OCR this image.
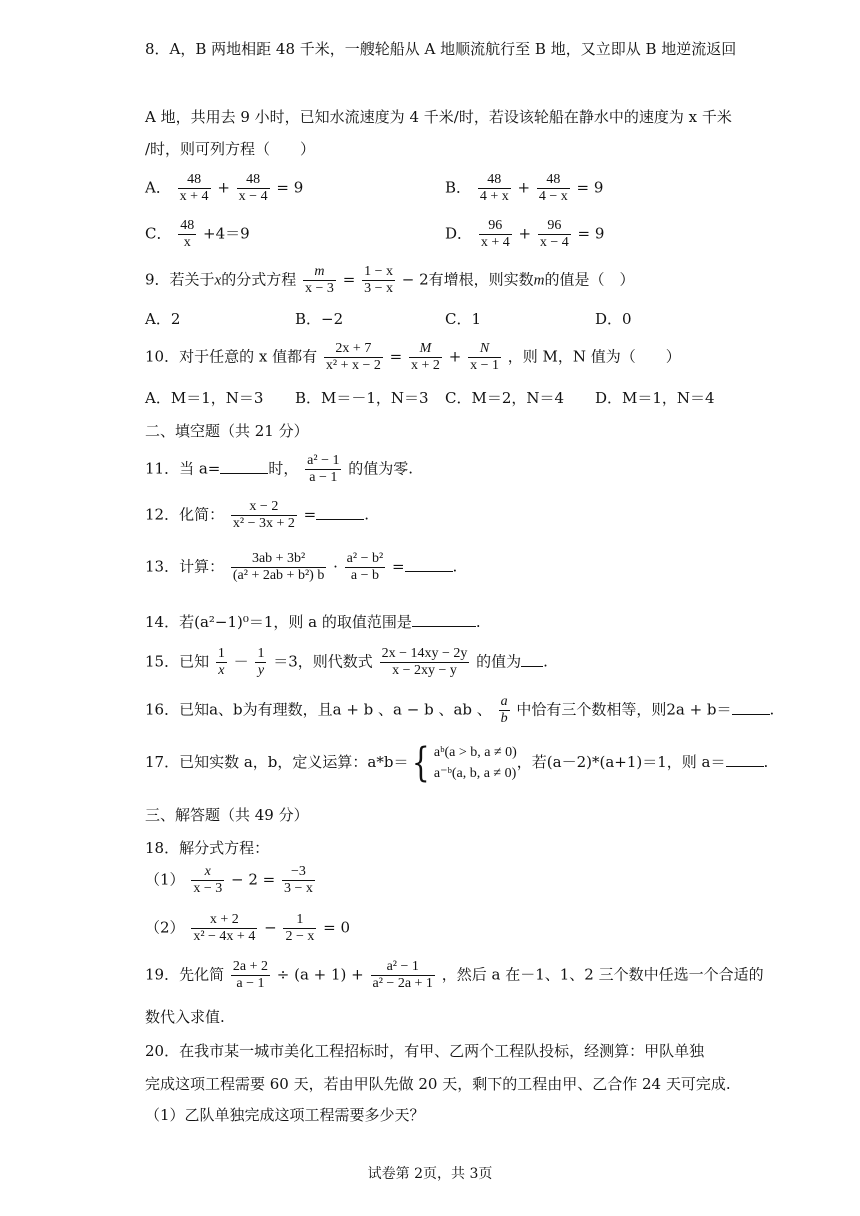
8．A，B 两地相距 48 千米，一艘轮船从 A 地顺流航行至 B 地，又立即从 B 地逆流返回
A 地，共用去 9 小时，已知水流速度为 4 千米/时，若设该轮船在静水中的速度为 x 千米
/时，则可列方程（　　）
A． $\frac{48}{x + 4} + \frac{48}{x - 4} = 9$	B． $\frac{48}{4 + x} + \frac{48}{4 - x} = 9$
C． $\frac{48}{x} +4=9$	D． $\frac{96}{x + 4} + \frac{96}{x - 4} = 9$
9．若关于x的分式方程 $\frac{m}{x - 3} = \frac{1 - x}{3 - x} - 2$有增根，则实数m的值是（　）
A．2	B．−2	C．1	D．0
10．对于任意的 x 值都有 $\frac{2x + 7}{\text{x² + x − 2}} = \frac{M}{x + 2} + \frac{N}{x - 1}$ ，则 M，N 值为（　　）
A．M＝1，N＝3 B．M＝－1，N＝3 C．M＝2，N＝4 D．M＝1，N＝4
二、填空题（共 21 分）
11．当 a=	时， $\frac{\text{a² − 1}}{a - 1}$ 的值为零.
12．化简： $\frac{x - 2}{\text{x² − 3x + 2}}$ =	.
13．计算： $\frac{\text{3ab + 3b²}}{\text{(a² + 2ab + b²) b}} \cdot \frac{\text{a² − b²}}{a - b}$ =	.
14．若(a²−1)⁰＝1，则 a 的取值范围是	.
15．已知 $\frac{1}{x} - \frac{1}{y} =3$，则代数式 $\frac{2x - 14xy - 2y}{x - 2xy - y}$ 的值为 .
16．已知a、b为有理数，且a + b 、a − b 、ab 、 $\frac{a}{b}$ 中恰有三个数相等，则2a + b＝	.
17．已知实数 a，b，定义运算：a*b＝{ aᵇ(a > b, a ≠ 0)
a⁻ᵇ(a, b, a ≠ 0)
，若(a－2)*(a+1)＝1，则 a＝	.
三、解答题（共 49 分）
18．解分式方程：
$(1) \frac{x}{x - 3} - 2 = \frac{-3}{3 - x}$
$(2) \frac{x + 2}{\text{x² − 4x + 4}} - \frac{1}{2 - x} = 0$
19．先化简 $\frac{2a + 2}{a - 1} \div (a + 1) + \frac{\text{a² − 1}}{\text{a² − 2a + 1}}$ ，然后 a 在－1、1、2 三个数中任选一个合适的
数代入求值.
20．在我市某一城市美化工程招标时，有甲、乙两个工程队投标，经测算：甲队单独
完成这项工程需要 60 天，若由甲队先做 20 天，剩下的工程由甲、乙合作 24 天可完成.
（1）乙队单独完成这项工程需要多少天？
试卷第 2页，共 3页
